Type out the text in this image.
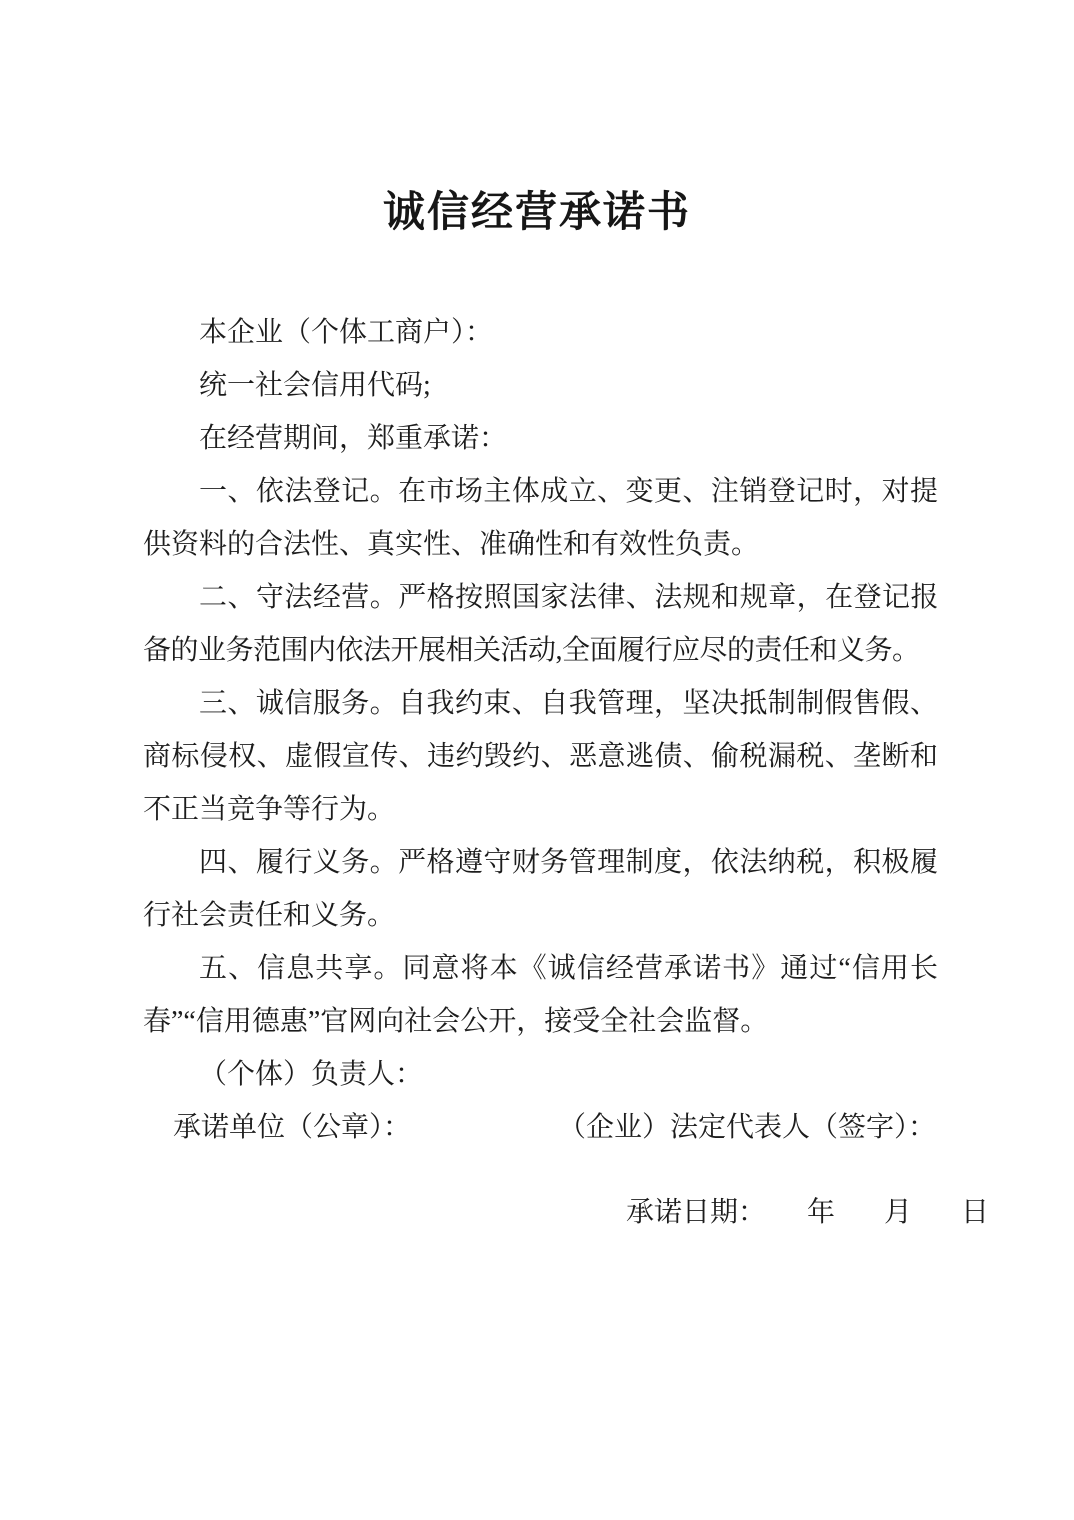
诚信经营承诺书

本企业（个体工商户）：

统一社会信用代码;

在经营期间，郑重承诺：

一、依法登记。在市场主体成立、变更、注销登记时，对提供资料的合法性、真实性、准确性和有效性负责。

二、守法经营。严格按照国家法律、法规和规章，在登记报备的业务范围内依法开展相关活动,全面履行应尽的责任和义务。

三、诚信服务。自我约束、自我管理，坚决抵制制假售假、商标侵权、虚假宣传、违约毁约、恶意逃债、偷税漏税、垄断和不正当竞争等行为。

四、履行义务。严格遵守财务管理制度，依法纳税，积极履行社会责任和义务。

五、信息共享。同意将本《诚信经营承诺书》通过“信用长春”“信用德惠”官网向社会公开，接受全社会监督。

（个体）负责人：

承诺单位（公章）：	（企业）法定代表人（签字）：
承诺日期： 年 月 日
